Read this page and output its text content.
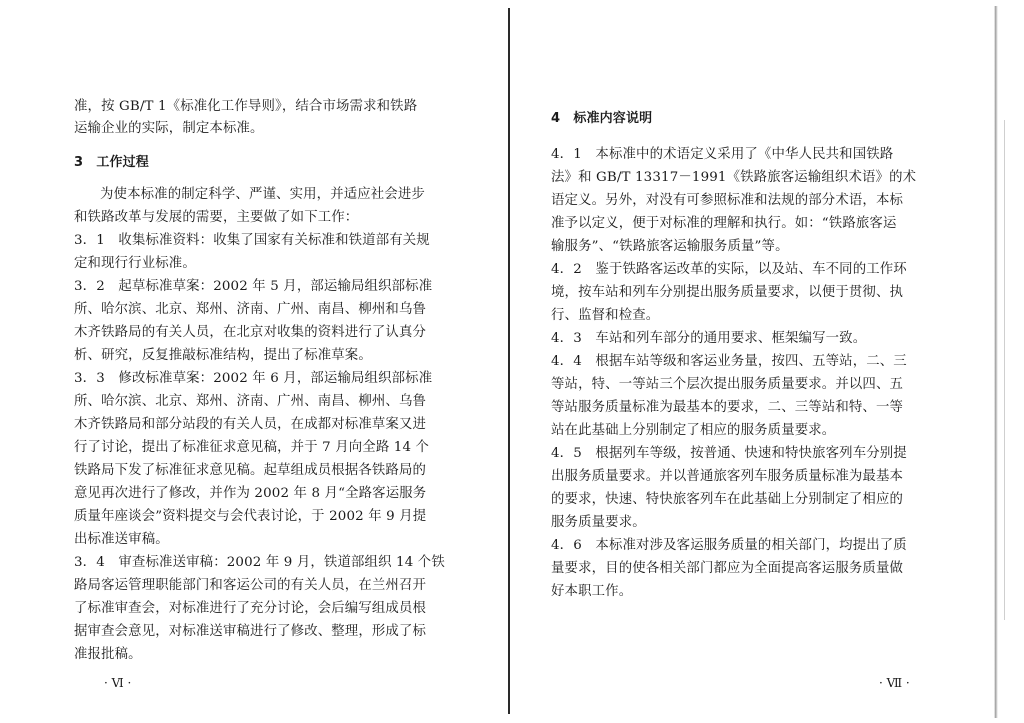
准，按 GB/T 1《标准化工作导则》，结合市场需求和铁路
运输企业的实际，制定本标准。
3　工作过程
为使本标准的制定科学、严谨、实用，并适应社会进步
和铁路改革与发展的需要，主要做了如下工作：
3．1　收集标准资料：收集了国家有关标准和铁道部有关规
定和现行行业标准。
3．2　起草标准草案：2002 年 5 月，部运输局组织部标准
所、哈尔滨、北京、郑州、济南、广州、南昌、柳州和乌鲁
木齐铁路局的有关人员，在北京对收集的资料进行了认真分
析、研究，反复推敲标准结构，提出了标准草案。
3．3　修改标准草案：2002 年 6 月，部运输局组织部标准
所、哈尔滨、北京、郑州、济南、广州、南昌、柳州、乌鲁
木齐铁路局和部分站段的有关人员，在成都对标准草案又进
行了讨论，提出了标准征求意见稿，并于 7 月向全路 14 个
铁路局下发了标准征求意见稿。起草组成员根据各铁路局的
意见再次进行了修改，并作为 2002 年 8 月“全路客运服务
质量年座谈会”资料提交与会代表讨论，于 2002 年 9 月提
出标准送审稿。
3．4　审查标准送审稿：2002 年 9 月，铁道部组织 14 个铁
路局客运管理职能部门和客运公司的有关人员，在兰州召开
了标准审查会，对标准进行了充分讨论，会后编写组成员根
据审查会意见，对标准送审稿进行了修改、整理，形成了标
准报批稿。
· Ⅵ ·
4　标准内容说明
4．1　本标准中的术语定义采用了《中华人民共和国铁路
法》和 GB/T 13317－1991《铁路旅客运输组织术语》的术
语定义。另外，对没有可参照标准和法规的部分术语，本标
准予以定义，便于对标准的理解和执行。如：“铁路旅客运
输服务”、“铁路旅客运输服务质量”等。
4．2　鉴于铁路客运改革的实际，以及站、车不同的工作环
境，按车站和列车分别提出服务质量要求，以便于贯彻、执
行、监督和检查。
4．3　车站和列车部分的通用要求、框架编写一致。
4．4　根据车站等级和客运业务量，按四、五等站，二、三
等站，特、一等站三个层次提出服务质量要求。并以四、五
等站服务质量标准为最基本的要求，二、三等站和特、一等
站在此基础上分别制定了相应的服务质量要求。
4．5　根据列车等级，按普通、快速和特快旅客列车分别提
出服务质量要求。并以普通旅客列车服务质量标准为最基本
的要求，快速、特快旅客列车在此基础上分别制定了相应的
服务质量要求。
4．6　本标准对涉及客运服务质量的相关部门，均提出了质
量要求，目的使各相关部门都应为全面提高客运服务质量做
好本职工作。
· Ⅶ ·
